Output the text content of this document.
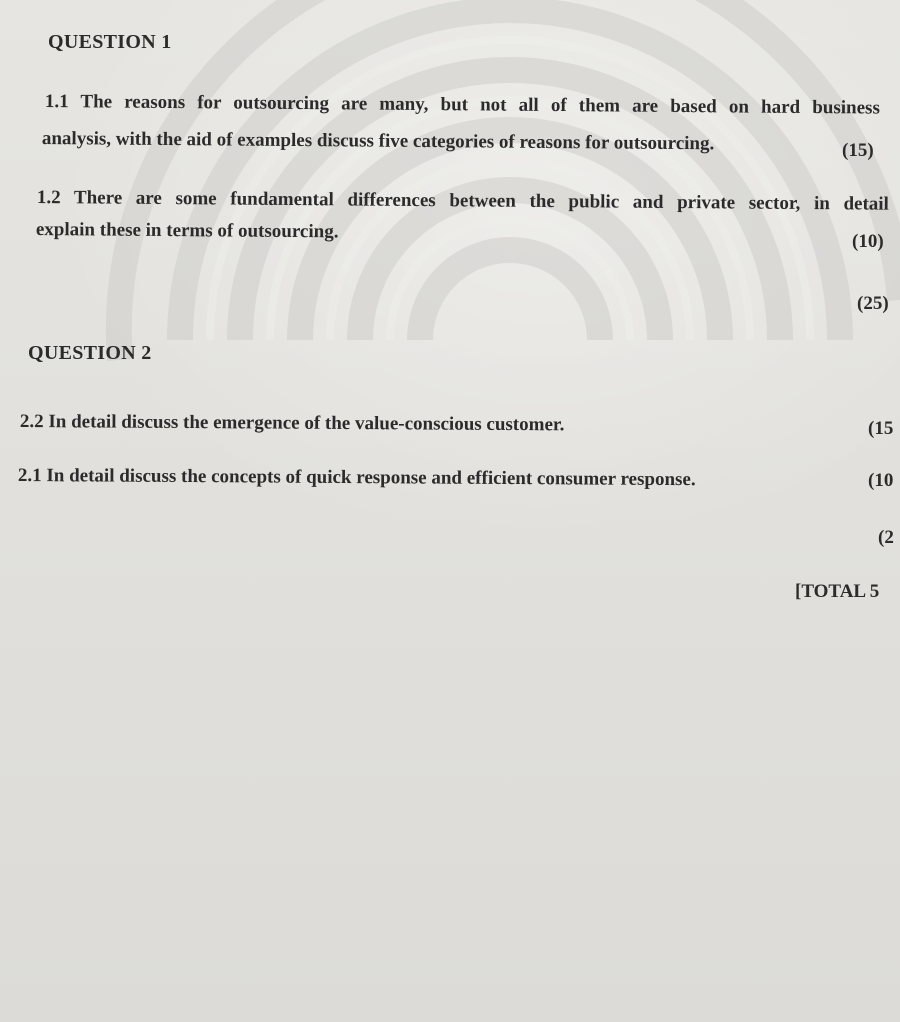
QUESTION 1

1.1 The reasons for outsourcing are many, but not all of them are based on hard business

analysis, with the aid of examples discuss five categories of reasons for outsourcing.	(15)

1.2 There are some fundamental differences between the public and private sector, in detail

explain these in terms of outsourcing.	(10)

(25)

QUESTION 2

2.2 In detail discuss the emergence of the value-conscious customer.	(15

2.1 In detail discuss the concepts of quick response and efficient consumer response.	(10

(2

[TOTAL 5
